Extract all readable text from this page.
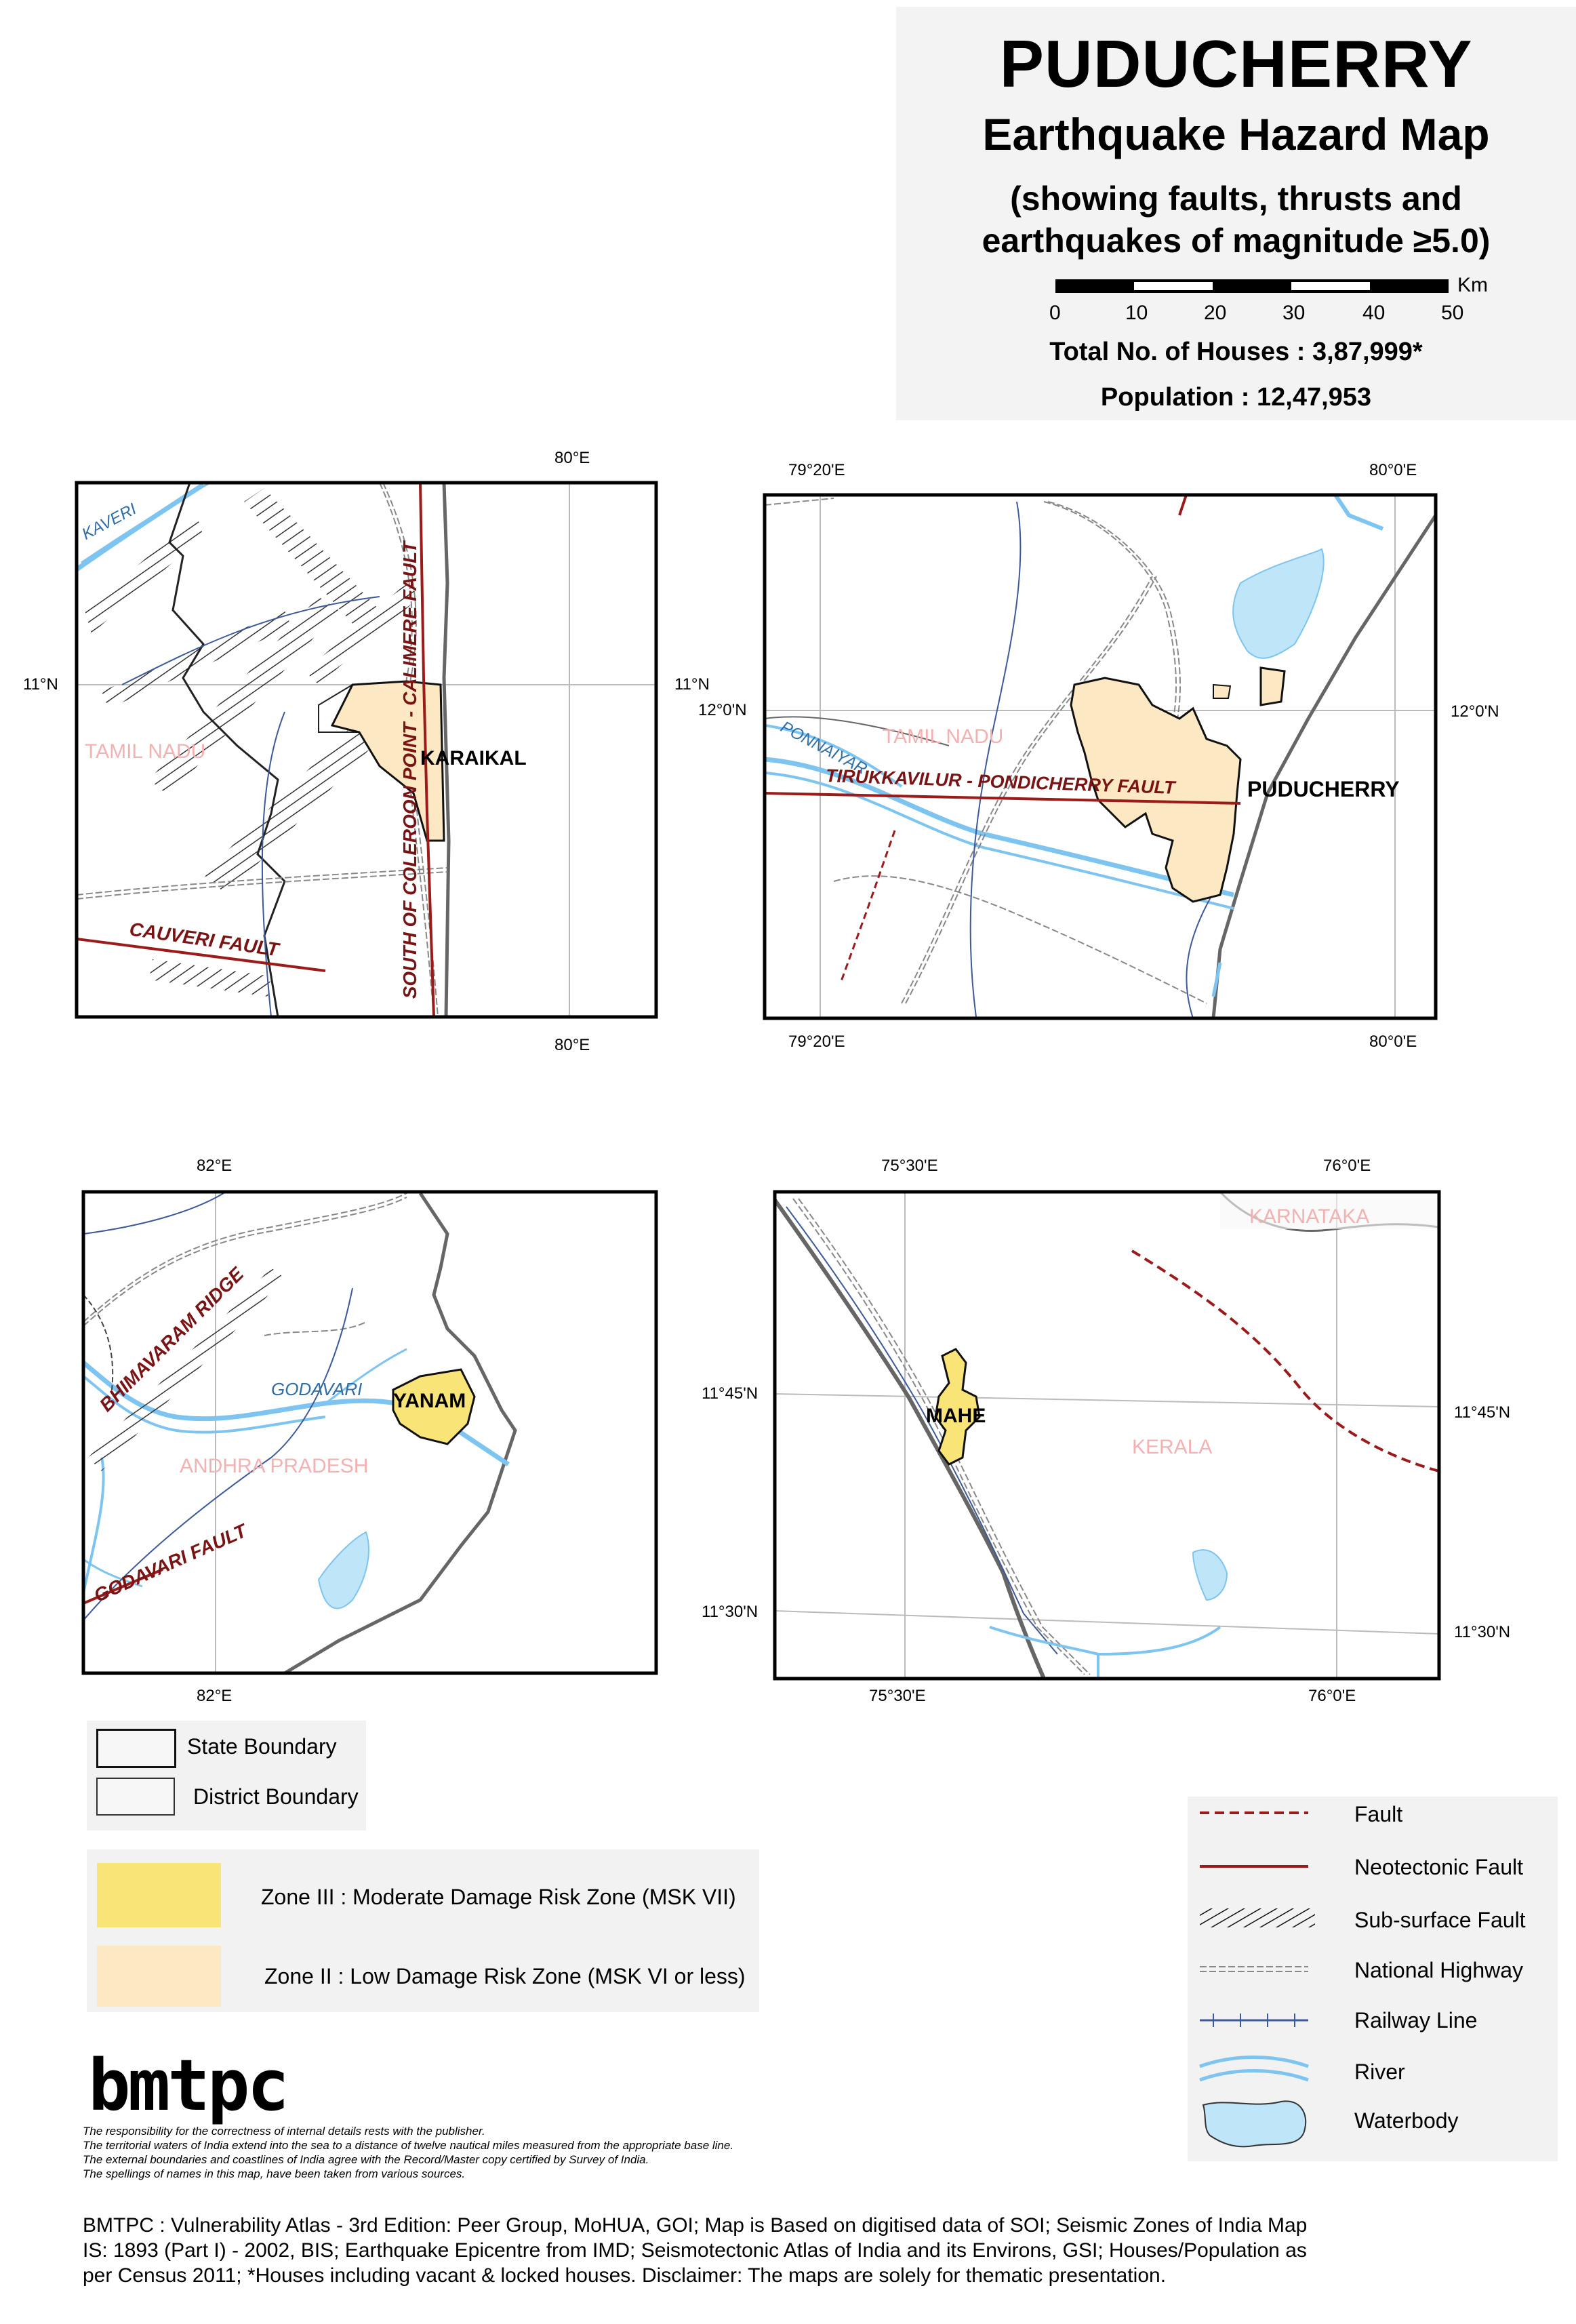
PUDUCHERRY
Earthquake Hazard Map
(showing faults, thrusts and
earthquakes of magnitude ≥5.0)
Km
0	10	20	30	40	50
Total No. of Houses : 3,87,999*
Population : 12,47,953
80°E
80°E
11°N	11°N
KARAIKAL
TAMIL NADU
KAVERI
CAUVERI FAULT	SOUTH OF COLEROON POINT - CALIMERE FAULT
79°20'E	80°0'E
79°20'E	80°0'E
12°0'N	12°0'N
PUDUCHERRY
TAMIL NADU
PONNAIYAR
TIRUKKAVILUR - PONDICHERRY FAULT
82°E
82°E
YANAM
ANDHRA PRADESH
GODAVARI
BHIMAVARAM RIDGE
GODAVARI FAULT
75°30'E	76°0'E
75°30'E	76°0'E
11°45'N
11°45'N
11°30'N
11°30'N
MAHE
KARNATAKA
KERALA
State Boundary
District Boundary
Zone III : Moderate Damage Risk Zone (MSK VII)
Zone II : Low Damage Risk Zone (MSK VI or less)
Fault
Neotectonic Fault
Sub-surface Fault
National Highway
Railway Line
River
Waterbody
bmtpc
The responsibility for the correctness of internal details rests with the publisher.
The territorial waters of India extend into the sea to a distance of twelve nautical miles measured from the appropriate base line.
The external boundaries and coastlines of India agree with the Record/Master copy certified by Survey of India.
The spellings of names in this map, have been taken from various sources.
BMTPC : Vulnerability Atlas - 3rd Edition: Peer Group, MoHUA, GOI; Map is Based on digitised data of SOI; Seismic Zones of India Map
IS: 1893 (Part I) - 2002, BIS; Earthquake Epicentre from IMD; Seismotectonic Atlas of India and its Environs, GSI; Houses/Population as
per Census 2011; *Houses including vacant & locked houses. Disclaimer: The maps are solely for thematic presentation.
